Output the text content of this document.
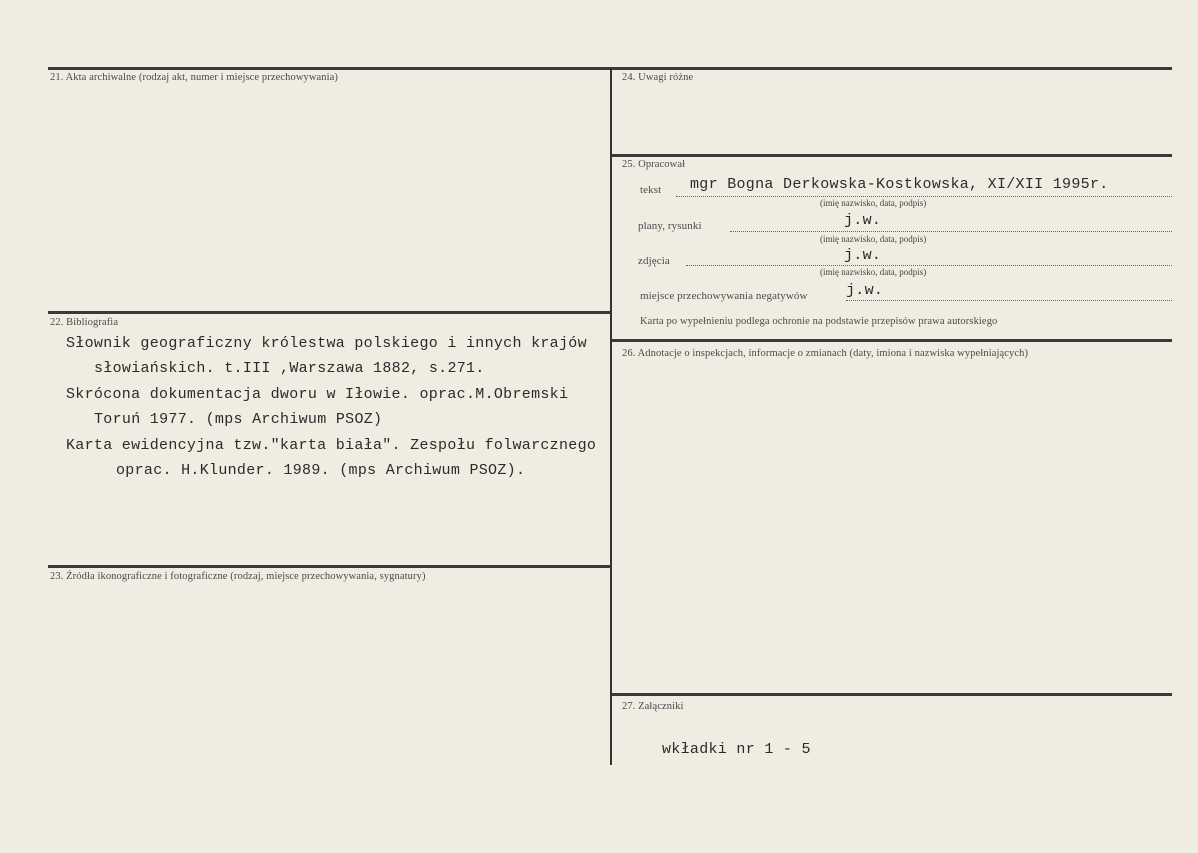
21. Akta archiwalne (rodzaj akt, numer i miejsce przechowywania)
22. Bibliografia
Słownik geograficzny królestwa polskiego i innych krajów
słowiańskich. t.III ,Warszawa 1882, s.271.
Skrócona dokumentacja dworu w Iłowie. oprac.M.Obremski
Toruń 1977. (mps Archiwum PSOZ)
Karta ewidencyjna tzw."karta biała". Zespołu folwarcznego
oprac. H.Klunder. 1989. (mps Archiwum PSOZ).
23. Źródła ikonograficzne i fotograficzne (rodzaj, miejsce przechowywania, sygnatury)
24. Uwagi różne
25. Opracował
tekst mgr Bogna Derkowska-Kostkowska, XI/XII 1995r.
(imię nazwisko, data, podpis)
plany, rysunki	j.w.
(imię nazwisko, data, podpis)
zdjęcia	j.w.
(imię nazwisko, data, podpis)
miejsce przechowywania negatywów	j.w.
Karta po wypełnieniu podlega ochronie na podstawie przepisów prawa autorskiego
26. Adnotacje o inspekcjach, informacje o zmianach (daty, imiona i nazwiska wypełniających)
27. Załączniki
wkładki nr 1 - 5
